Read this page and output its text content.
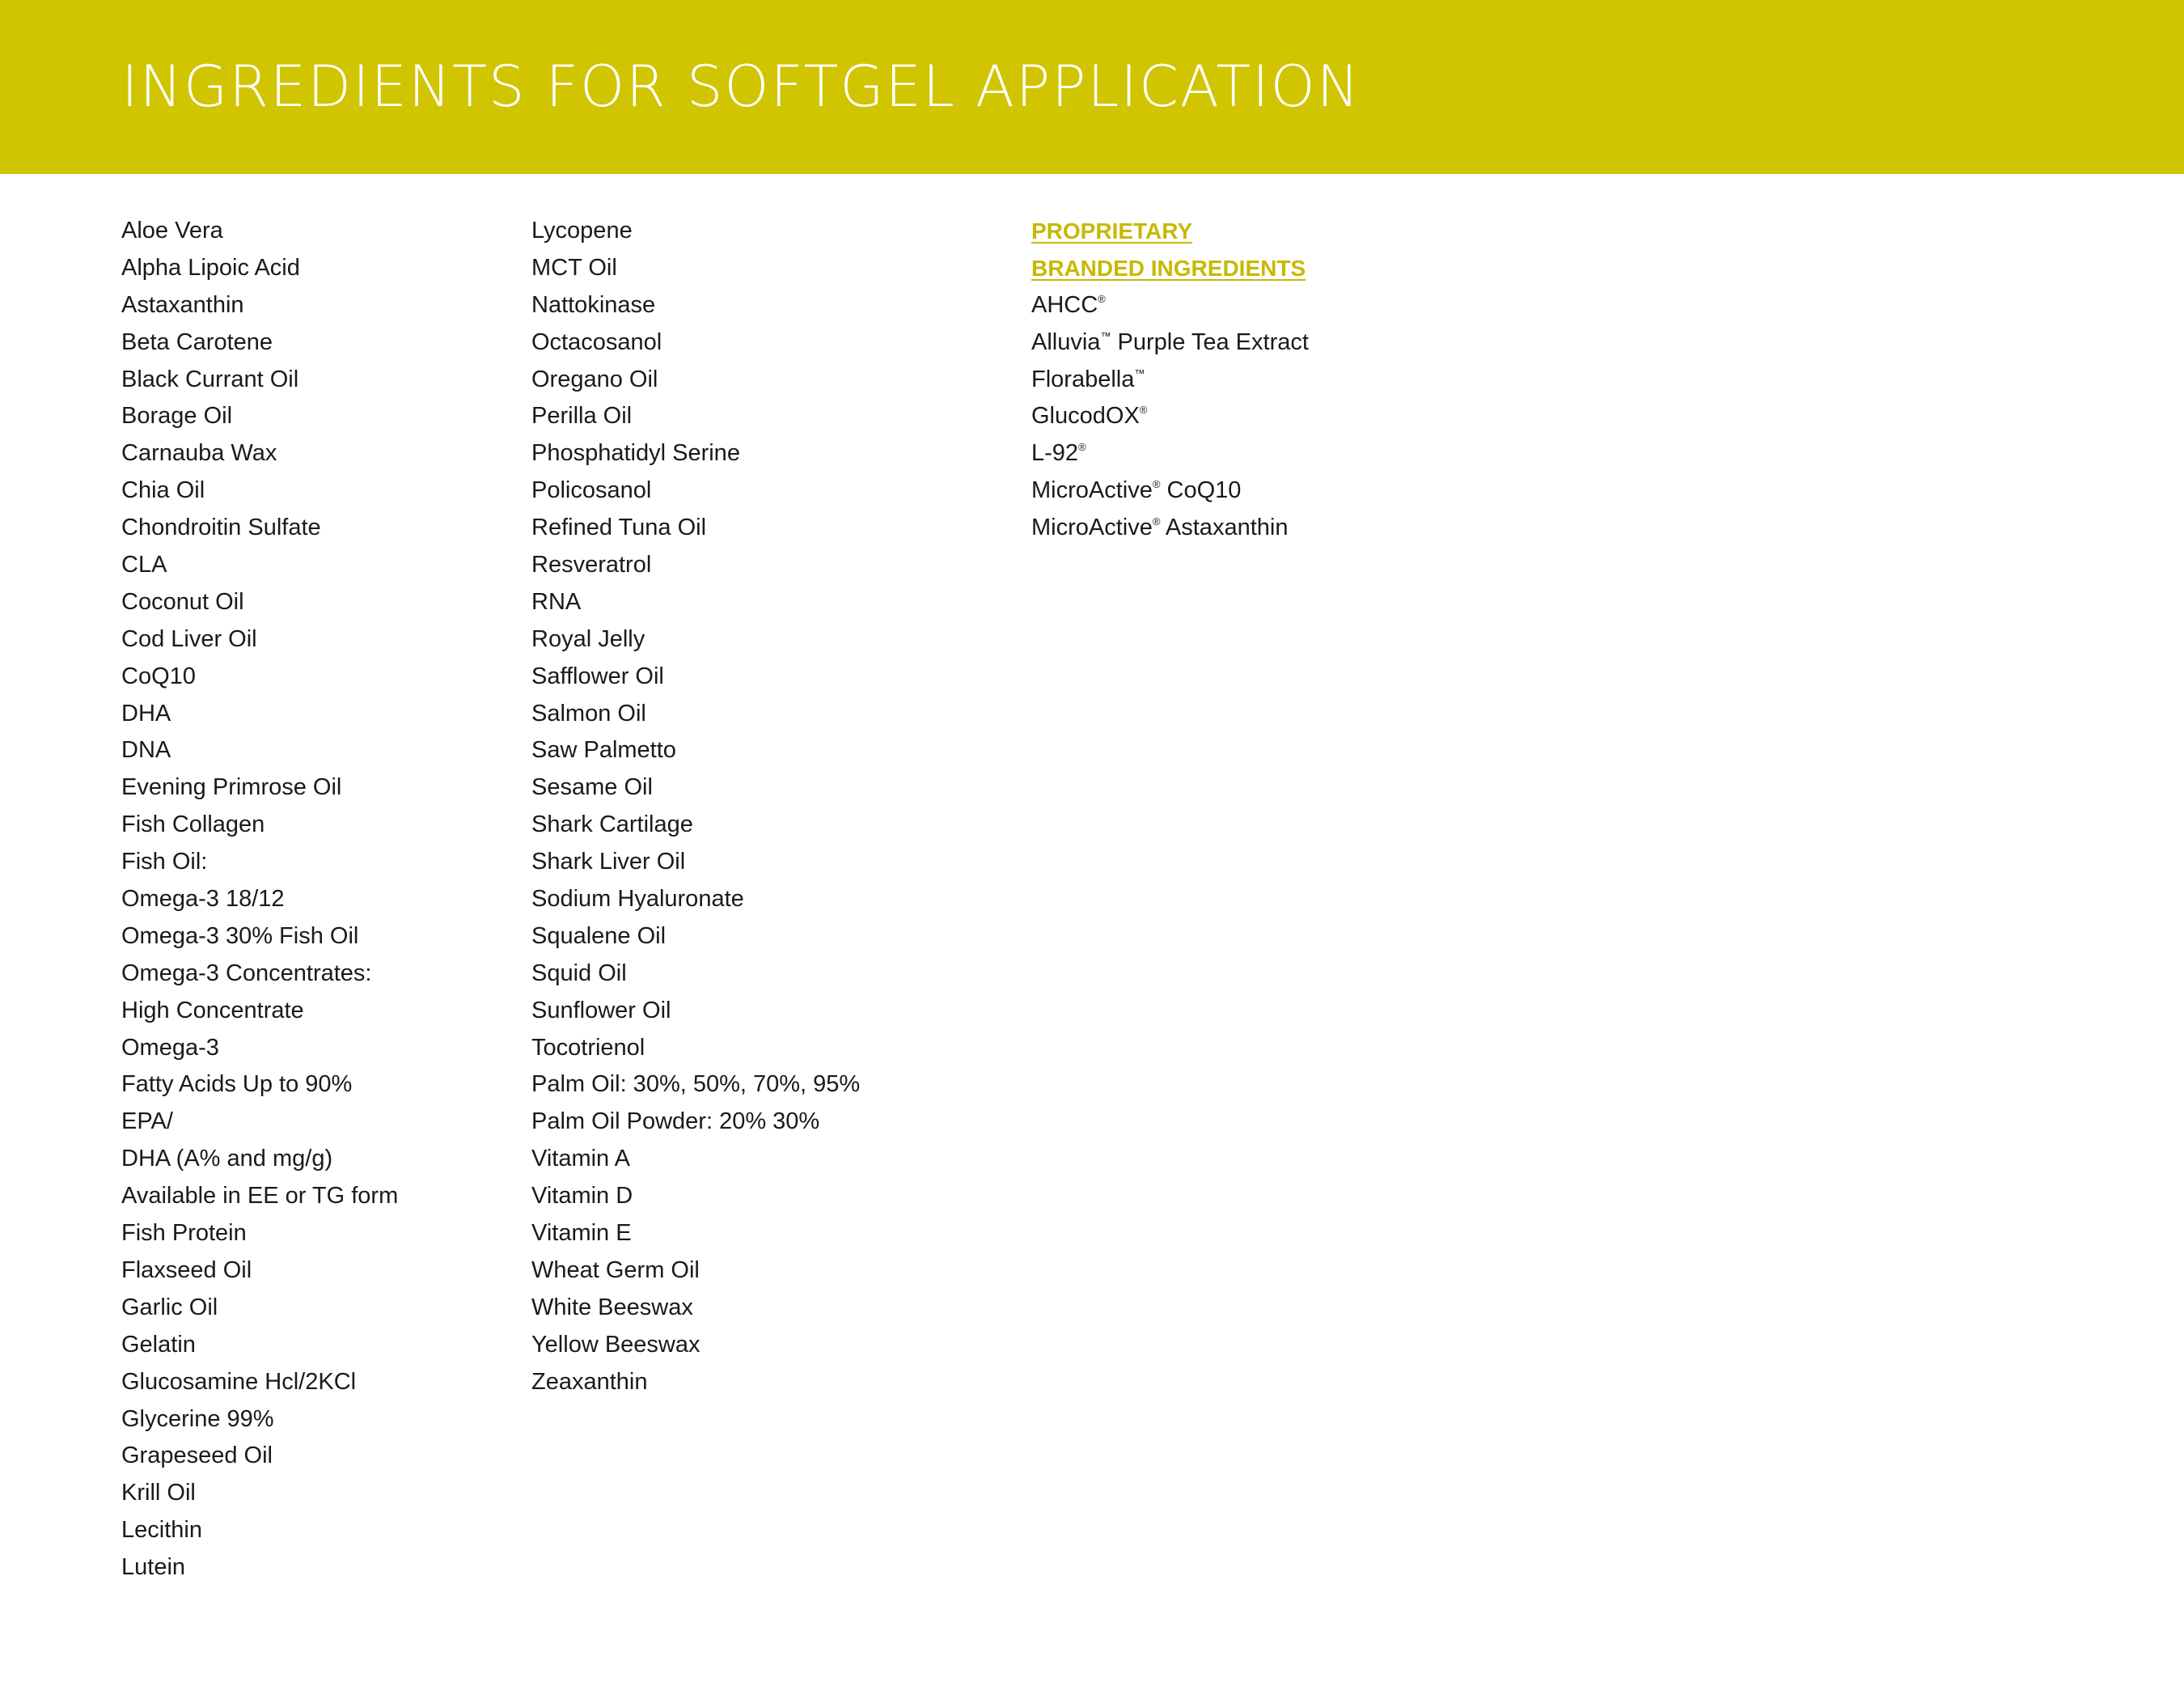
INGREDIENTS FOR SOFTGEL APPLICATION
Aloe Vera
Alpha Lipoic Acid
Astaxanthin
Beta Carotene
Black Currant Oil
Borage Oil
Carnauba Wax
Chia Oil
Chondroitin Sulfate
CLA
Coconut Oil
Cod Liver Oil
CoQ10
DHA
DNA
Evening Primrose Oil
Fish Collagen
Fish Oil:
Omega-3 18/12
Omega-3 30% Fish Oil
Omega-3 Concentrates:
High Concentrate
Omega-3
Fatty Acids Up to 90%
EPA/
DHA (A% and mg/g)
Available in EE or TG form
Fish Protein
Flaxseed Oil
Garlic Oil
Gelatin
Glucosamine Hcl/2KCl
Glycerine 99%
Grapeseed Oil
Krill Oil
Lecithin
Lutein
Lycopene
MCT Oil
Nattokinase
Octacosanol
Oregano Oil
Perilla Oil
Phosphatidyl Serine
Policosanol
Refined Tuna Oil
Resveratrol
RNA
Royal Jelly
Safflower Oil
Salmon Oil
Saw Palmetto
Sesame Oil
Shark Cartilage
Shark Liver Oil
Sodium Hyaluronate
Squalene Oil
Squid Oil
Sunflower Oil
Tocotrienol
Palm Oil: 30%, 50%, 70%, 95%
Palm Oil Powder: 20% 30%
Vitamin A
Vitamin D
Vitamin E
Wheat Germ Oil
White Beeswax
Yellow Beeswax
Zeaxanthin
PROPRIETARY
BRANDED INGREDIENTS
AHCC®
Alluvia™ Purple Tea Extract
Florabella™
GlucodOX®
L-92®
MicroActive® CoQ10
MicroActive® Astaxanthin
